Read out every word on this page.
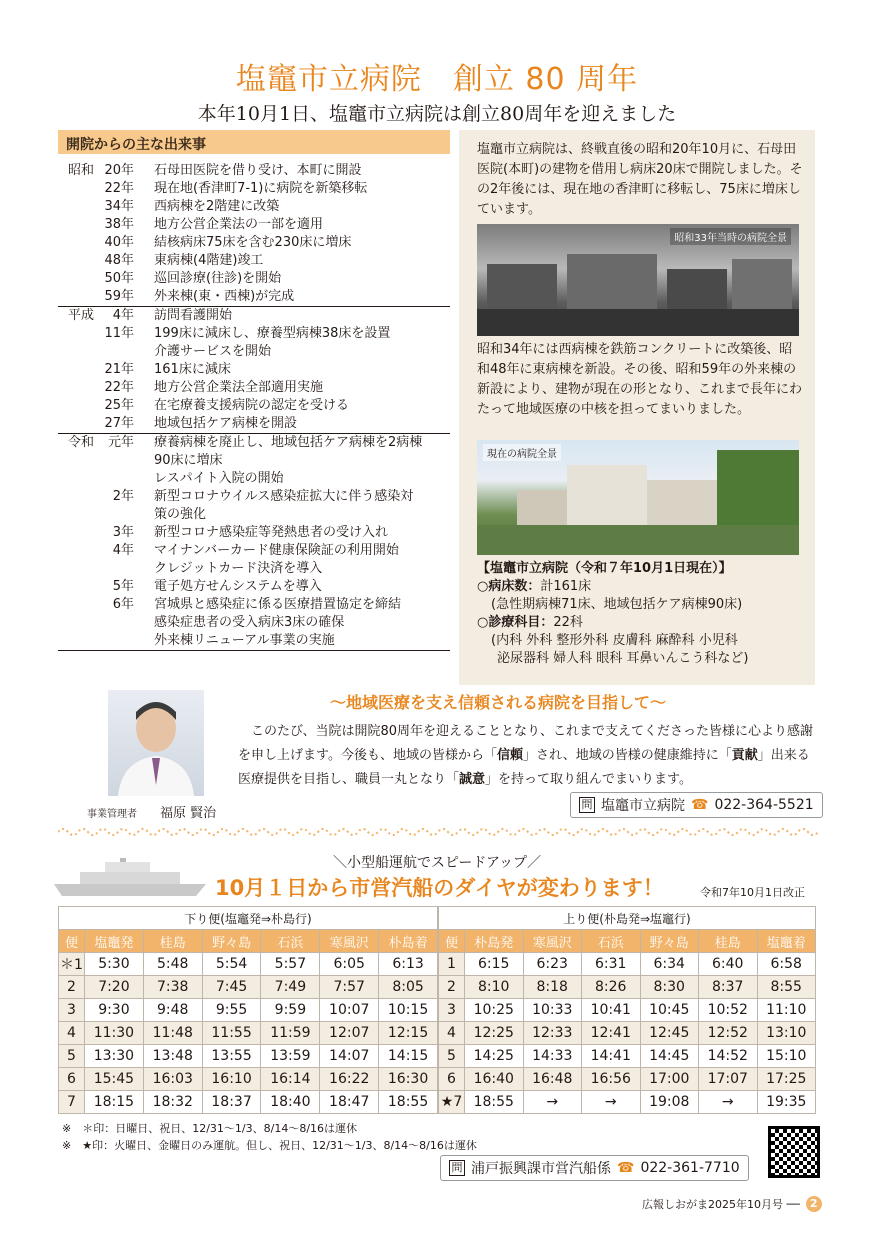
塩竈市立病院　創立 80 周年
本年10月1日、塩竈市立病院は創立80周年を迎えました
開院からの主な出来事
昭和 20年	石母田医院を借り受け、本町に開設
22年	現在地(香津町7-1)に病院を新築移転
34年	西病棟を2階建に改築
38年	地方公営企業法の一部を適用
40年	結核病床75床を含む230床に増床
48年	東病棟(4階建)竣工
50年	巡回診療(往診)を開始
59年	外来棟(東・西棟)が完成
平成	4年	訪問看護開始
11年	199床に減床し、療養型病棟38床を設置
介護サービスを開始
21年	161床に減床
22年	地方公営企業法全部適用実施
25年	在宅療養支援病院の認定を受ける
27年	地域包括ケア病棟を開設
令和	元年	療養病棟を廃止し、地域包括ケア病棟を2病棟
90床に増床
レスパイト入院の開始
2年	新型コロナウイルス感染症拡大に伴う感染対
策の強化
3年	新型コロナ感染症等発熱患者の受け入れ
4年	マイナンバーカード健康保険証の利用開始
クレジットカード決済を導入
5年	電子処方せんシステムを導入
6年	宮城県と感染症に係る医療措置協定を締結
感染症患者の受入病床3床の確保
外来棟リニューアル事業の実施
塩竈市立病院は、終戦直後の昭和20年10月に、石母田医院(本町)の建物を借用し病床20床で開院しました。その2年後には、現在地の香津町に移転し、75床に増床しています。
昭和33年当時の病院全景
昭和34年には西病棟を鉄筋コンクリートに改築後、昭和48年に東病棟を新設。その後、昭和59年の外来棟の新設により、建物が現在の形となり、これまで長年にわたって地域医療の中核を担ってまいりました。
現在の病院全景
【塩竈市立病院（令和７年10月1日現在）】
○病床数：計161床
(急性期病棟71床、地域包括ケア病棟90床)
○診療科目：22科
(内科 外科 整形外科 皮膚科 麻酔科 小児科
泌尿器科 婦人科 眼科 耳鼻いんこう科など)
事業管理者 福原 賢治
～地域医療を支え信頼される病院を目指して～
このたび、当院は開院80周年を迎えることとなり、これまで支えてくださった皆様に心より感謝を申し上げます。今後も、地域の皆様から「信頼」され、地域の皆様の健康維持に「貢献」出来る医療提供を目指し、職員一丸となり「誠意」を持って取り組んでまいります。
問 塩竈市立病院 ☎ 022-364-5521
＼小型船運航でスピードアップ／
10月１日から市営汽船のダイヤが変わります！	令和7年10月1日改正
下り便(塩竈発⇒朴島行)						
便	塩竈発	桂島	野々島	石浜	寒風沢	朴島着
＊1	5:30	5:48	5:54	5:57	6:05	6:13
2	7:20	7:38	7:45	7:49	7:57	8:05
3	9:30	9:48	9:55	9:59	10:07	10:15
4	11:30	11:48	11:55	11:59	12:07	12:15
5	13:30	13:48	13:55	13:59	14:07	14:15
6	15:45	16:03	16:10	16:14	16:22	16:30
7	18:15	18:32	18:37	18:40	18:47	18:55
上り便(朴島発⇒塩竈行)						
便	朴島発	寒風沢	石浜	野々島	桂島	塩竈着
1	6:15	6:23	6:31	6:34	6:40	6:58
2	8:10	8:18	8:26	8:30	8:37	8:55
3	10:25	10:33	10:41	10:45	10:52	11:10
4	12:25	12:33	12:41	12:45	12:52	13:10
5	14:25	14:33	14:41	14:45	14:52	15:10
6	16:40	16:48	16:56	17:00	17:07	17:25
★7	18:55	→	→	19:08	→	19:35
※　＊印：日曜日、祝日、12/31～1/3、8/14～8/16は運休
※　★印：火曜日、金曜日のみ運航。但し、祝日、12/31～1/3、8/14～8/16は運休
問 浦戸振興課市営汽船係 ☎ 022-361-7710
広報しおがま2025年10月号 ── 2
